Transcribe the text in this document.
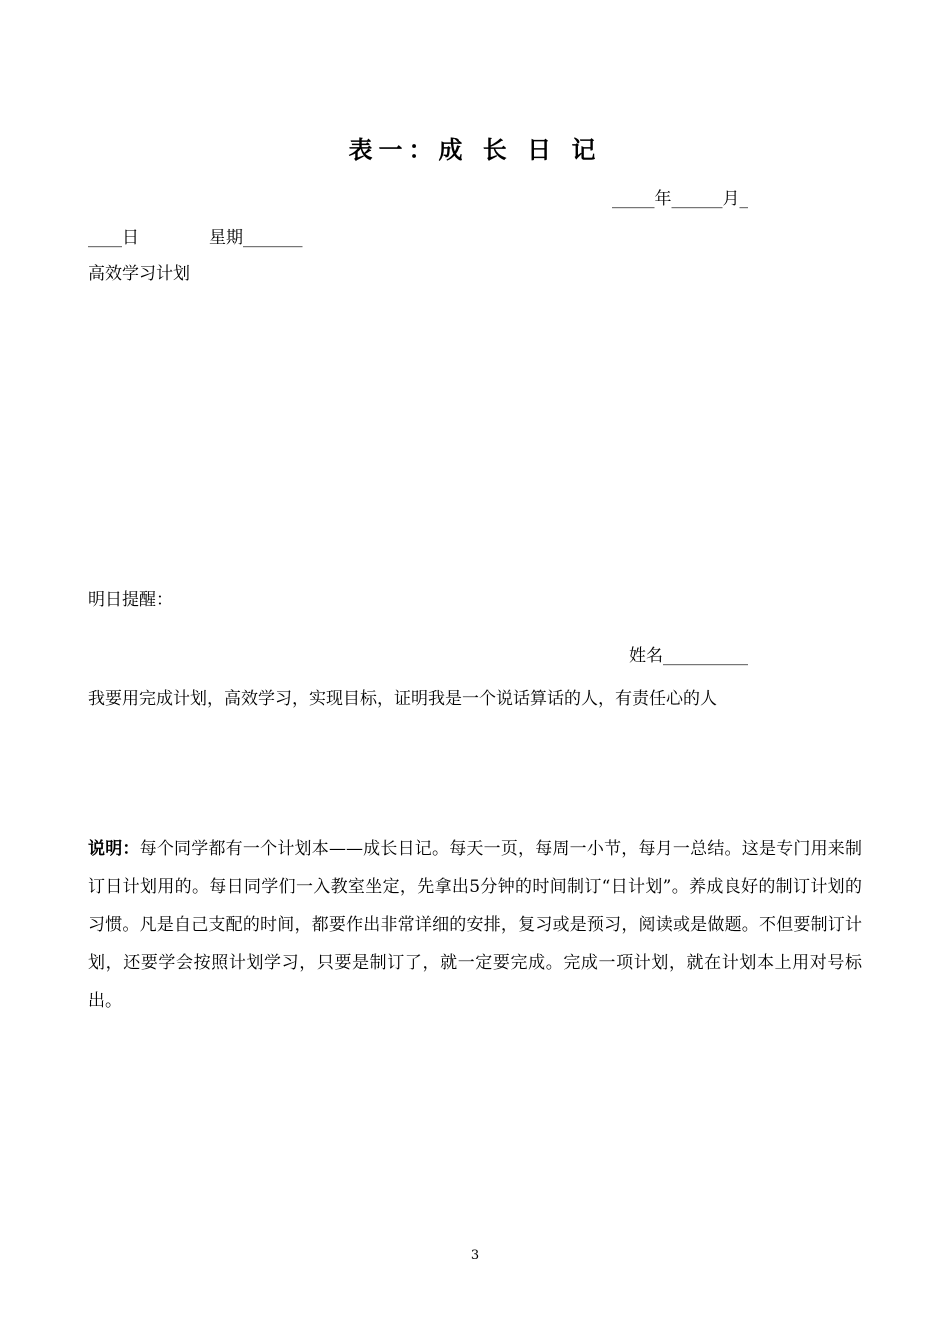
表一：成 长 日 记
_____年______月_
____日	星期_______
高效学习计划
明日提醒：
姓名__________
我要用完成计划，高效学习，实现目标，证明我是一个说话算话的人，有责任心的人
说明：每个同学都有一个计划本——成长日记。每天一页，每周一小节，每月一总结。这是专门用来制订日计划用的。每日同学们一入教室坐定，先拿出5分钟的时间制订“日计划”。养成良好的制订计划的习惯。凡是自己支配的时间，都要作出非常详细的安排，复习或是预习，阅读或是做题。不但要制订计划，还要学会按照计划学习，只要是制订了，就一定要完成。完成一项计划，就在计划本上用对号标出。
3
